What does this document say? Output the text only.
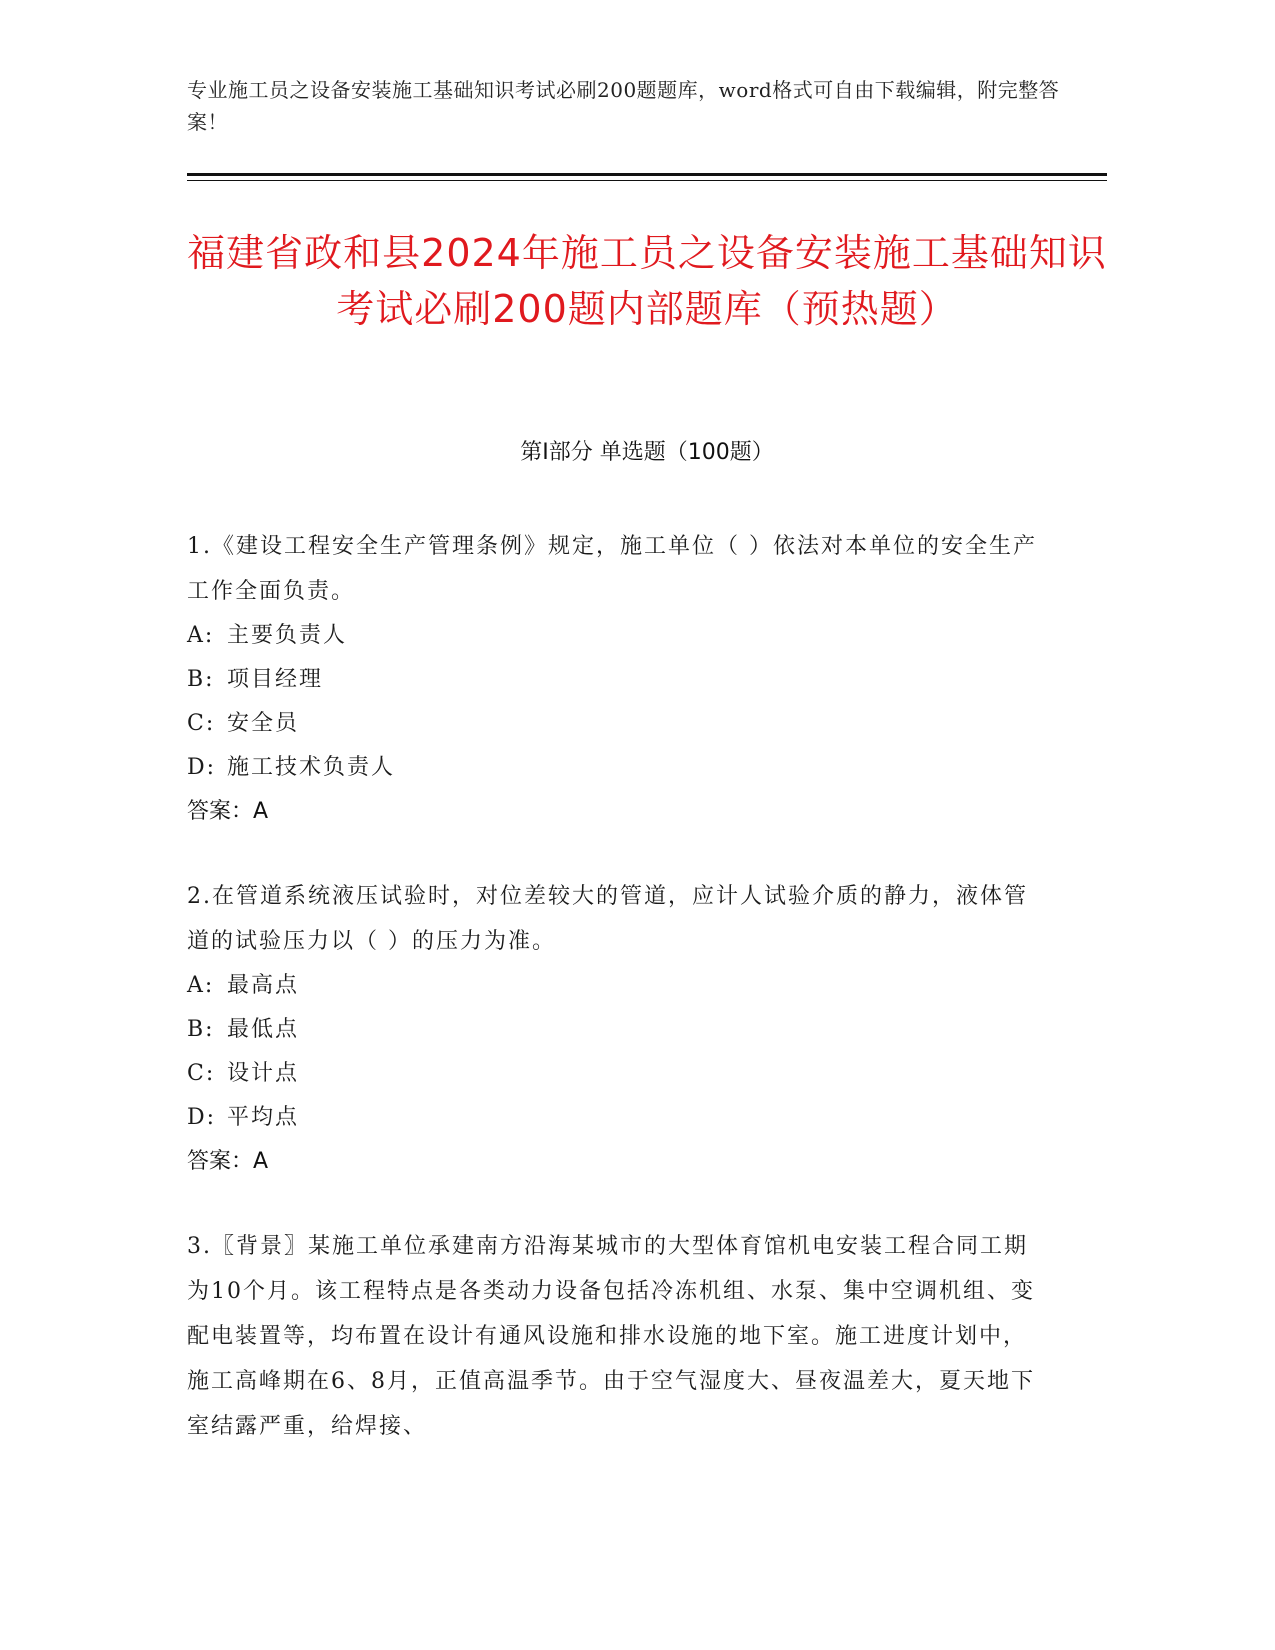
专业施工员之设备安装施工基础知识考试必刷200题题库，word格式可自由下载编辑，附完整答案！
福建省政和县2024年施工员之设备安装施工基础知识考试必刷200题内部题库（预热题）
第Ⅰ部分 单选题（100题）
1.《建设工程安全生产管理条例》规定，施工单位（ ）依法对本单位的安全生产工作全面负责。
A: 主要负责人
B: 项目经理
C: 安全员
D: 施工技术负责人
答案：A
2.在管道系统液压试验时，对位差较大的管道，应计人试验介质的静力，液体管道的试验压力以（ ）的压力为准。
A: 最高点
B: 最低点
C: 设计点
D: 平均点
答案：A
3.〖背景〗某施工单位承建南方沿海某城市的大型体育馆机电安装工程合同工期为10个月。该工程特点是各类动力设备包括冷冻机组、水泵、集中空调机组、变配电装置等，均布置在设计有通风设施和排水设施的地下室。施工进度计划中，施工高峰期在6、8月，正值高温季节。由于空气湿度大、昼夜温差大，夏天地下室结露严重，给焊接、
